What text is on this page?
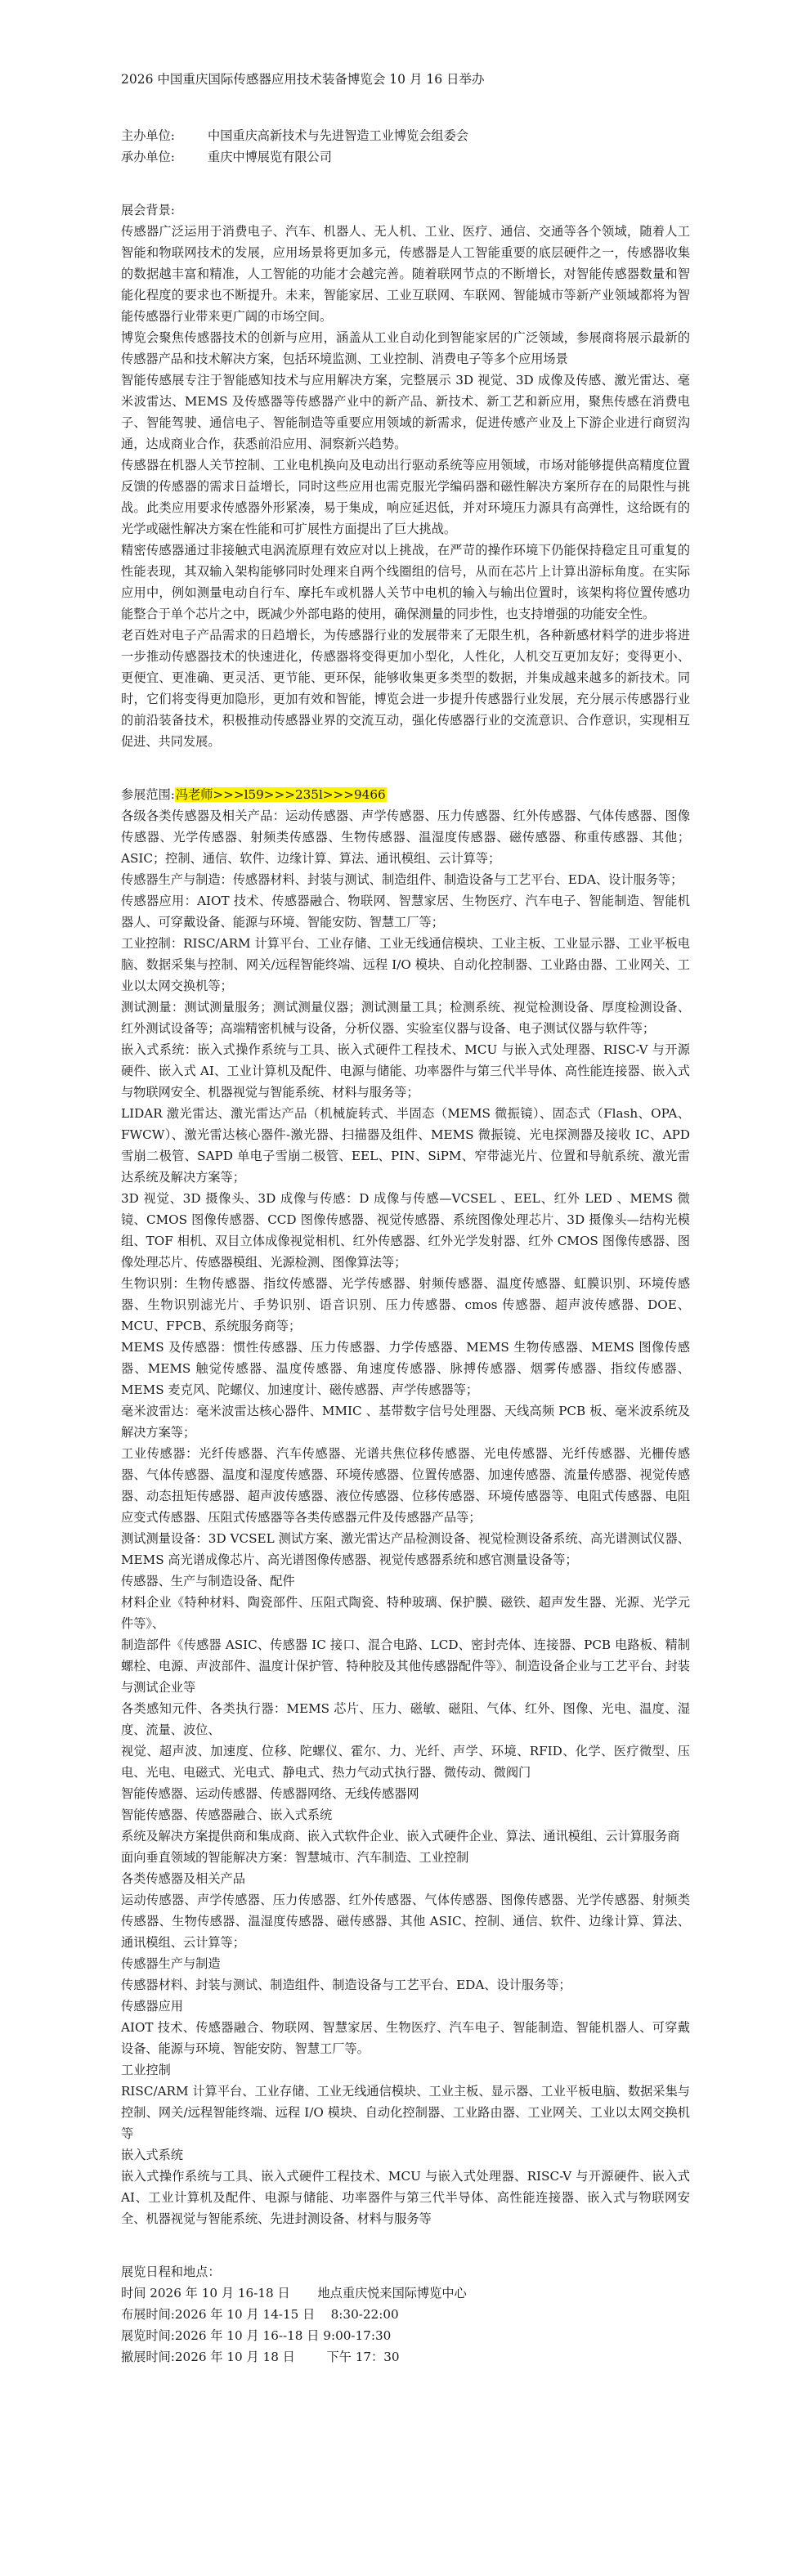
2026 中国重庆国际传感器应用技术装备博览会 10 月 16 日举办

主办单位:	中国重庆高新技术与先进智造工业博览会组委会
承办单位:	重庆中博展览有限公司

展会背景:

传感器广泛运用于消费电子、汽车、机器人、无人机、工业、医疗、通信、交通等各个领域，随着人工智能和物联网技术的发展，应用场景将更加多元，传感器是人工智能重要的底层硬件之一，传感器收集的数据越丰富和精准，人工智能的功能才会越完善。随着联网节点的不断增长，对智能传感器数量和智能化程度的要求也不断提升。未来，智能家居、工业互联网、车联网、智能城市等新产业领域都将为智能传感器行业带来更广阔的市场空间。

博览会聚焦传感器技术的创新与应用，涵盖从工业自动化到智能家居的广泛领域，参展商将展示最新的传感器产品和技术解决方案，包括环境监测、工业控制、消费电子等多个应用场景

智能传感展专注于智能感知技术与应用解决方案，完整展示 3D 视觉、3D 成像及传感、激光雷达、毫米波雷达、MEMS 及传感器等传感器产业中的新产品、新技术、新工艺和新应用，聚焦传感在消费电子、智能驾驶、通信电子、智能制造等重要应用领域的新需求，促进传感产业及上下游企业进行商贸沟通，达成商业合作，获悉前沿应用、洞察新兴趋势。

传感器在机器人关节控制、工业电机换向及电动出行驱动系统等应用领域，市场对能够提供高精度位置反馈的传感器的需求日益增长，同时这些应用也需克服光学编码器和磁性解决方案所存在的局限性与挑战。此类应用要求传感器外形紧凑，易于集成，响应延迟低，并对环境压力源具有高弹性，这给既有的光学或磁性解决方案在性能和可扩展性方面提出了巨大挑战。

精密传感器通过非接触式电涡流原理有效应对以上挑战，在严苛的操作环境下仍能保持稳定且可重复的性能表现，其双输入架构能够同时处理来自两个线圈组的信号，从而在芯片上计算出游标角度。在实际应用中，例如测量电动自行车、摩托车或机器人关节中电机的输入与输出位置时，该架构将位置传感功能整合于单个芯片之中，既减少外部电路的使用，确保测量的同步性，也支持增强的功能安全性。

老百姓对电子产品需求的日趋增长，为传感器行业的发展带来了无限生机，各种新感材料学的进步将进一步推动传感器技术的快速进化，传感器将变得更加小型化，人性化，人机交互更加友好；变得更小、更便宜、更准确、更灵活、更节能、更环保，能够收集更多类型的数据，并集成越来越多的新技术。同时，它们将变得更加隐形，更加有效和智能，博览会进一步提升传感器行业发展，充分展示传感器行业的前沿装备技术，积极推动传感器业界的交流互动，强化传感器行业的交流意识、合作意识，实现相互促进、共同发展。

参展范围:冯老师>>>l59>>>235l>>>9466

各级各类传感器及相关产品：运动传感器、声学传感器、压力传感器、红外传感器、气体传感器、图像传感器、光学传感器、射频类传感器、生物传感器、温湿度传感器、磁传感器、称重传感器、其他；ASIC；控制、通信、软件、边缘计算、算法、通讯模组、云计算等；

传感器生产与制造：传感器材料、封装与测试、制造组件、制造设备与工艺平台、EDA、设计服务等；

传感器应用：AIOT 技术、传感器融合、物联网、智慧家居、生物医疗、汽车电子、智能制造、智能机器人、可穿戴设备、能源与环境、智能安防、智慧工厂等；

工业控制：RISC/ARM 计算平台、工业存储、工业无线通信模块、工业主板、工业显示器、工业平板电脑、数据采集与控制、网关/远程智能终端、远程 I/O 模块、自动化控制器、工业路由器、工业网关、工业以太网交换机等；

测试测量：测试测量服务；测试测量仪器；测试测量工具；检测系统、视觉检测设备、厚度检测设备、红外测试设备等；高端精密机械与设备，分析仪器、实验室仪器与设备、电子测试仪器与软件等；

嵌入式系统：嵌入式操作系统与工具、嵌入式硬件工程技术、MCU 与嵌入式处理器、RISC-V 与开源硬件、嵌入式 AI、工业计算机及配件、电源与储能、功率器件与第三代半导体、高性能连接器、嵌入式与物联网安全、机器视觉与智能系统、材料与服务等；

LIDAR 激光雷达、激光雷达产品（机械旋转式、半固态（MEMS 微振镜）、固态式（Flash、OPA、FWCW）、激光雷达核心器件-激光器、扫描器及组件、MEMS 微振镜、光电探测器及接收 IC、APD 雪崩二极管、SAPD 单电子雪崩二极管、EEL、PIN、SiPM、窄带滤光片、位置和导航系统、激光雷达系统及解决方案等；

3D 视觉、3D 摄像头、3D 成像与传感：D 成像与传感—VCSEL 、EEL、红外 LED 、MEMS 微镜、CMOS 图像传感器、CCD 图像传感器、视觉传感器、系统图像处理芯片、3D 摄像头—结构光模组、TOF 相机、双目立体成像视觉相机、红外传感器、红外光学发射器、红外 CMOS 图像传感器、图像处理芯片、传感器模组、光源检测、图像算法等；

生物识别：生物传感器、指纹传感器、光学传感器、射频传感器、温度传感器、虹膜识别、环境传感器、生物识别滤光片、手势识别、语音识别、压力传感器、cmos 传感器、超声波传感器、DOE、MCU、FPCB、系统服务商等；

MEMS 及传感器：惯性传感器、压力传感器、力学传感器、MEMS 生物传感器、MEMS 图像传感器、MEMS 触觉传感器、温度传感器、角速度传感器、脉搏传感器、烟雾传感器、指纹传感器、MEMS 麦克风、陀螺仪、加速度计、磁传感器、声学传感器等；

毫米波雷达：毫米波雷达核心器件、MMIC 、基带数字信号处理器、天线高频 PCB 板、毫米波系统及解决方案等；

工业传感器：光纤传感器、汽车传感器、光谱共焦位移传感器、光电传感器、光纤传感器、光栅传感器、气体传感器、温度和湿度传感器、环境传感器、位置传感器、加速传感器、流量传感器、视觉传感器、动态扭矩传感器、超声波传感器、液位传感器、位移传感器、环境传感器等、电阻式传感器、电阻应变式传感器、压阻式传感器等各类传感器元件及传感器产品等；

测试测量设备：3D VCSEL 测试方案、激光雷达产品检测设备、视觉检测设备系统、高光谱测试仪器、MEMS 高光谱成像芯片、高光谱图像传感器、视觉传感器系统和感官测量设备等；

传感器、生产与制造设备、配件

材料企业《特种材料、陶瓷部件、压阻式陶瓷、特种玻璃、保护膜、磁铁、超声发生器、光源、光学元件等》、

制造部件《传感器 ASIC、传感器 IC 接口、混合电路、LCD、密封壳体、连接器、PCB 电路板、精制螺栓、电源、声波部件、温度计保护管、特种胶及其他传感器配件等》、制造设备企业与工艺平台、封装与测试企业等

各类感知元件、各类执行器：MEMS 芯片、压力、磁敏、磁阻、气体、红外、图像、光电、温度、湿度、流量、波位、

视觉、超声波、加速度、位移、陀螺仪、霍尔、力、光纤、声学、环境、RFID、化学、医疗微型、压电、光电、电磁式、光电式、静电式、热力气动式执行器、微传动、微阀门

智能传感器、运动传感器、传感器网络、无线传感器网

智能传感器、传感器融合、嵌入式系统

系统及解决方案提供商和集成商、嵌入式软件企业、嵌入式硬件企业、算法、通讯模组、云计算服务商

面向垂直领域的智能解决方案：智慧城市、汽车制造、工业控制

各类传感器及相关产品

运动传感器、声学传感器、压力传感器、红外传感器、气体传感器、图像传感器、光学传感器、射频类传感器、生物传感器、温湿度传感器、磁传感器、其他 ASIC、控制、通信、软件、边缘计算、算法、通讯模组、云计算等；

传感器生产与制造

传感器材料、封装与测试、制造组件、制造设备与工艺平台、EDA、设计服务等；

传感器应用

AIOT 技术、传感器融合、物联网、智慧家居、生物医疗、汽车电子、智能制造、智能机器人、可穿戴设备、能源与环境、智能安防、智慧工厂等。

工业控制

RISC/ARM 计算平台、工业存储、工业无线通信模块、工业主板、显示器、工业平板电脑、数据采集与控制、网关/远程智能终端、远程 I/O 模块、自动化控制器、工业路由器、工业网关、工业以太网交换机等

嵌入式系统

嵌入式操作系统与工具、嵌入式硬件工程技术、MCU 与嵌入式处理器、RISC-V 与开源硬件、嵌入式 AI、工业计算机及配件、电源与储能、功率器件与第三代半导体、高性能连接器、嵌入式与物联网安全、机器视觉与智能系统、先进封测设备、材料与服务等

展览日程和地点：

时间 2026 年 10 月 16-18 日       地点重庆悦来国际博览中心

布展时间:2026 年 10 月 14-15 日    8:30-22:00

展览时间:2026 年 10 月 16--18 日 9:00-17:30

撤展时间:2026 年 10 月 18 日        下午 17：30
